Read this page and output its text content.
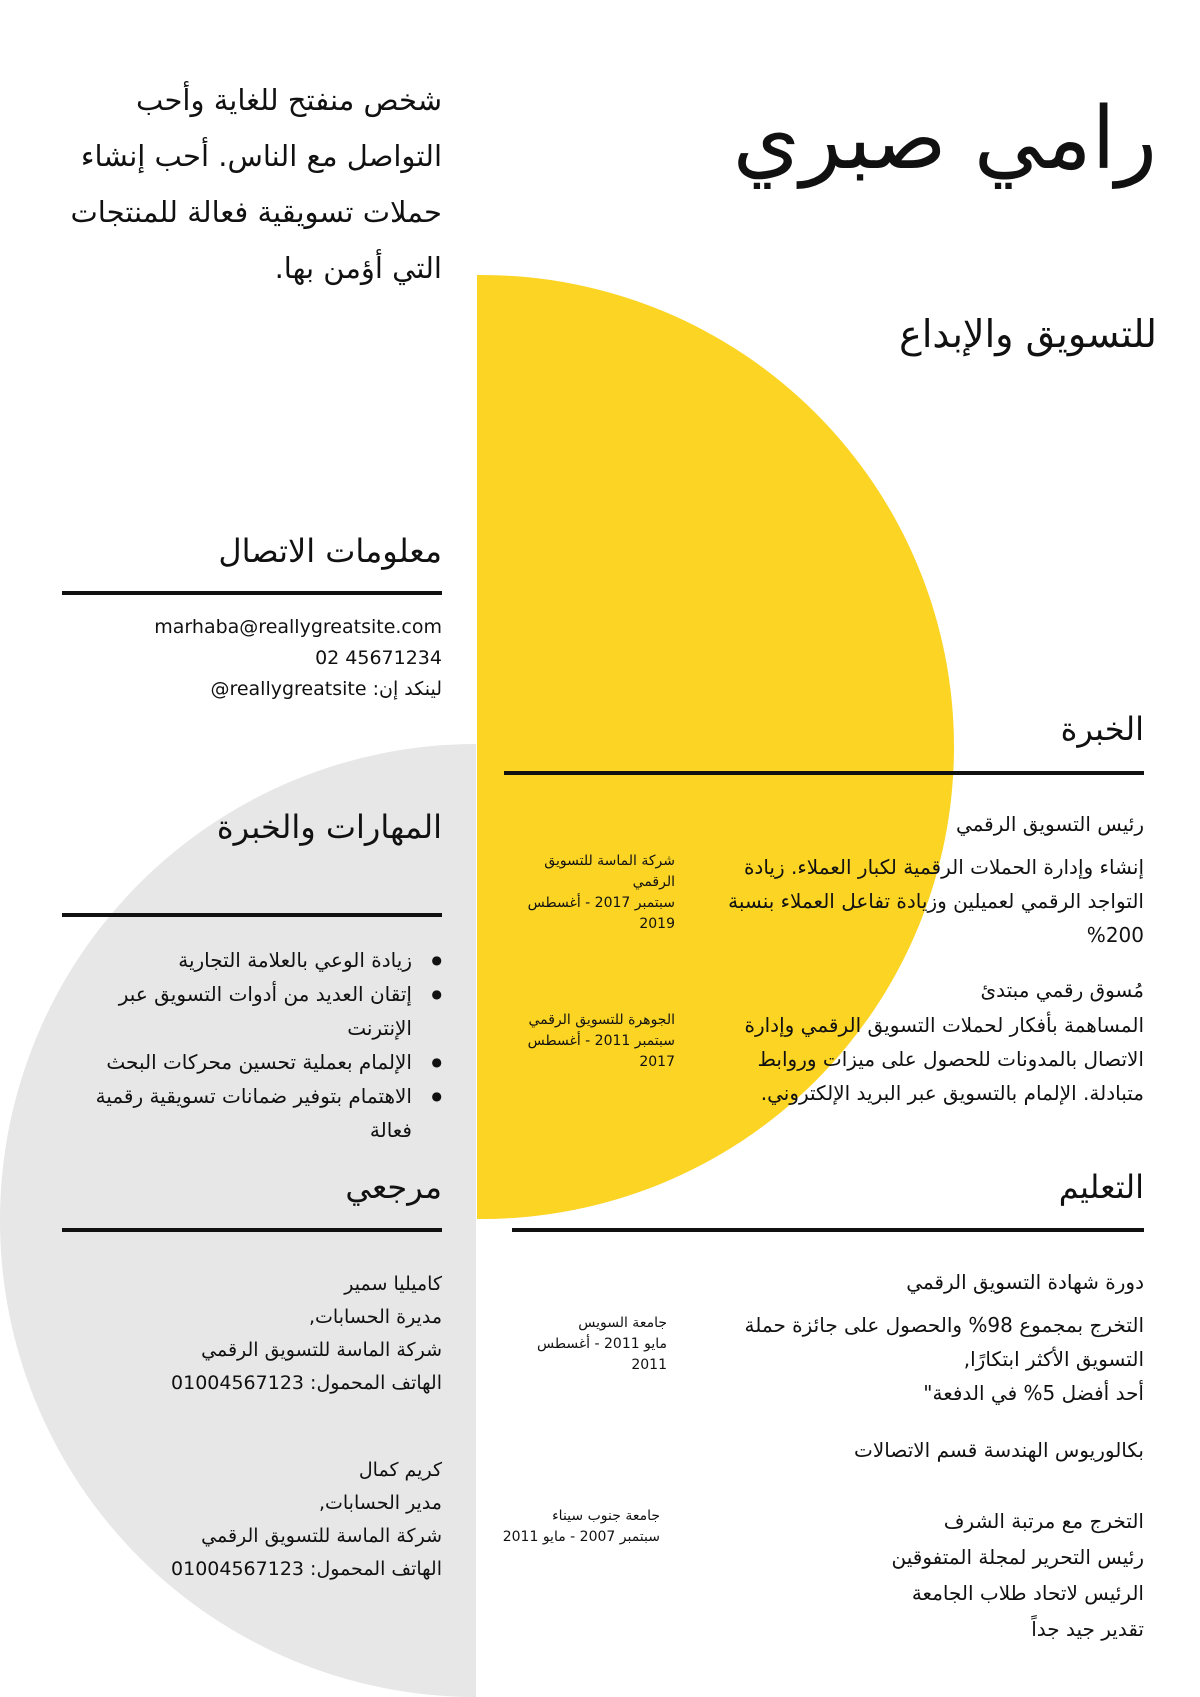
رامي صبري
للتسويق والإبداع
شخص منفتح للغاية وأحب التواصل مع الناس. أحب إنشاء حملات تسويقية فعالة للمنتجات التي أؤمن بها.
معلومات الاتصال
marhaba@reallygreatsite.com
02 45671234
لينكد إن: @reallygreatsite
المهارات والخبرة
● زيادة الوعي بالعلامة التجارية
● إتقان العديد من أدوات التسويق عبر الإنترنت
● الإلمام بعملية تحسين محركات البحث
● الاهتمام بتوفير ضمانات تسويقية رقمية فعالة
مرجعي
كاميليا سمير
مديرة الحسابات,
شركة الماسة للتسويق الرقمي
الهاتف المحمول: 01004567123
كريم كمال
مدير الحسابات,
شركة الماسة للتسويق الرقمي
الهاتف المحمول: 01004567123
الخبرة
رئيس التسويق الرقمي
إنشاء وإدارة الحملات الرقمية لكبار العملاء. زيادة التواجد الرقمي لعميلين وزيادة تفاعل العملاء بنسبة 200%
شركة الماسة للتسويق الرقمي
سبتمبر 2017 - أغسطس 2019
مُسوق رقمي مبتدئ
المساهمة بأفكار لحملات التسويق الرقمي وإدارة الاتصال بالمدونات للحصول على ميزات وروابط متبادلة. الإلمام بالتسويق عبر البريد الإلكتروني.
الجوهرة للتسويق الرقمي
سبتمبر 2011 - أغسطس 2017
التعليم
دورة شهادة التسويق الرقمي
التخرج بمجموع 98% والحصول على جائزة حملة التسويق الأكثر ابتكارًا,
أحد أفضل 5% في الدفعة"
جامعة السويس
مايو 2011 - أغسطس 2011
بكالوريوس الهندسة قسم الاتصالات
التخرج مع مرتبة الشرف
رئيس التحرير لمجلة المتفوقين
الرئيس لاتحاد طلاب الجامعة
تقدير جيد جداً
جامعة جنوب سيناء
سبتمبر 2007 - مايو 2011
